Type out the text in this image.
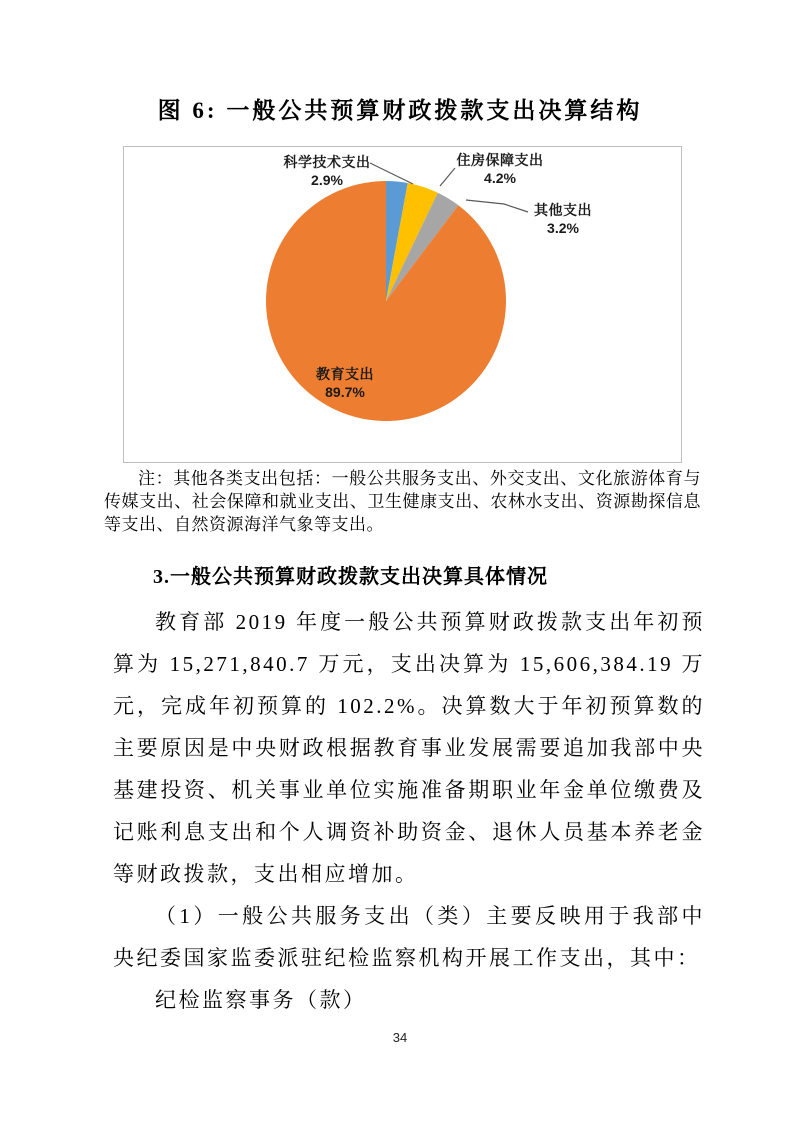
图 6: 一般公共预算财政拨款支出决算结构
科学技术支出
2.9%
住房保障支出
4.2%
其他支出
3.2%
教育支出
89.7%

注：其他各类支出包括：一般公共服务支出、外交支出、文化旅游体育与传媒支出、社会保障和就业支出、卫生健康支出、农林水支出、资源勘探信息等支出、自然资源海洋气象等支出。

3.一般公共预算财政拨款支出决算具体情况

教育部 2019 年度一般公共预算财政拨款支出年初预算为 15,271,840.7 万元，支出决算为 15,606,384.19 万元，完成年初预算的 102.2%。决算数大于年初预算数的主要原因是中央财政根据教育事业发展需要追加我部中央基建投资、机关事业单位实施准备期职业年金单位缴费及记账利息支出和个人调资补助资金、退休人员基本养老金等财政拨款，支出相应增加。

（1）一般公共服务支出（类）主要反映用于我部中央纪委国家监委派驻纪检监察机构开展工作支出，其中：

纪检监察事务（款）

34
